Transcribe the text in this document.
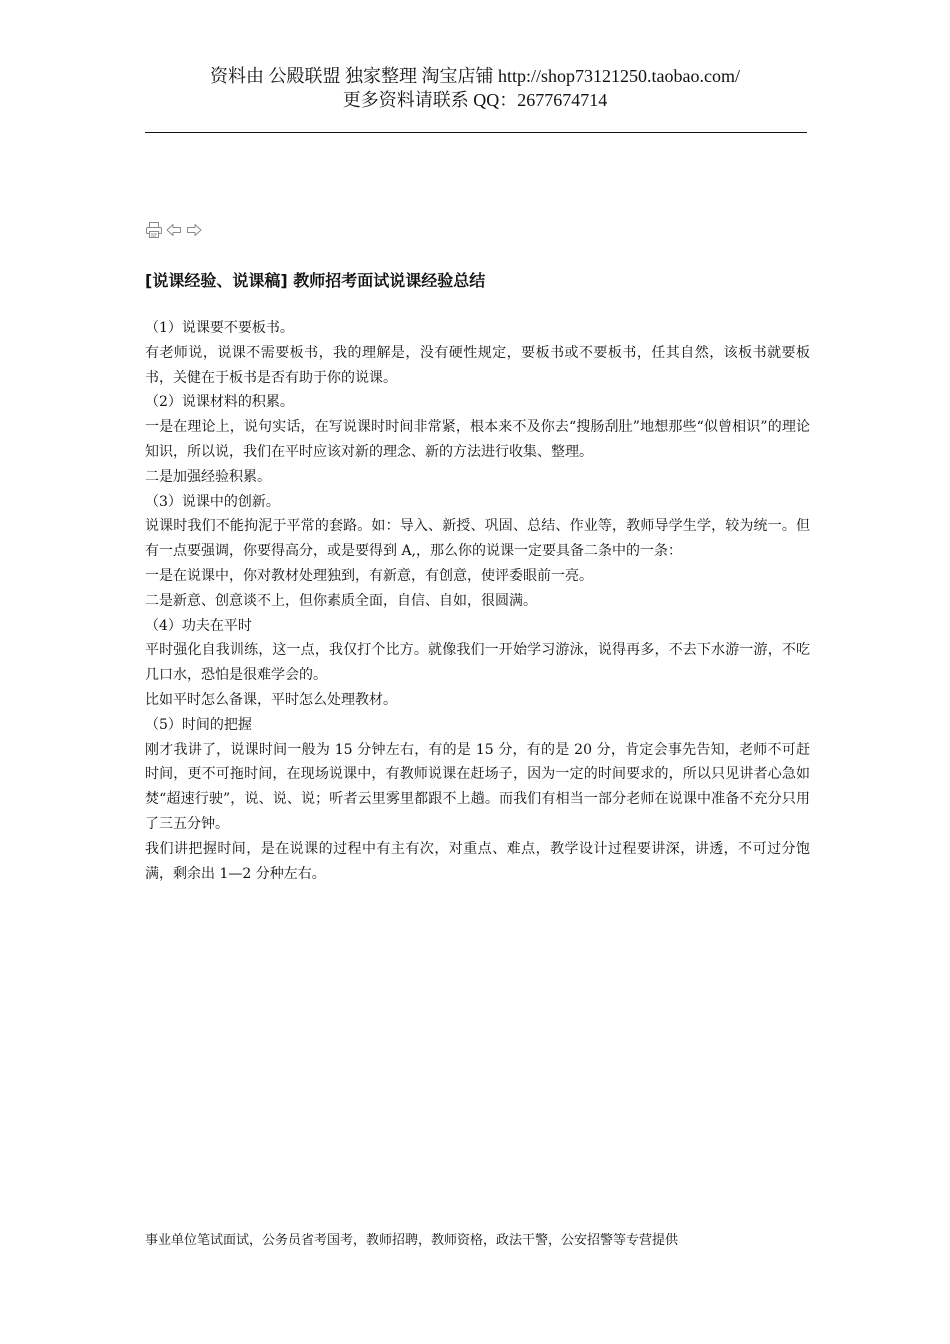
资料由 公殿联盟 独家整理 淘宝店铺 http://shop73121250.taobao.com/
更多资料请联系 QQ：2677674714
[说课经验、说课稿] 教师招考面试说课经验总结

（1）说课要不要板书。

有老师说，说课不需要板书，我的理解是，没有硬性规定，要板书或不要板书，任其自然，该板书就要板书，关健在于板书是否有助于你的说课。

（2）说课材料的积累。

一是在理论上，说句实话，在写说课时时间非常紧，根本来不及你去“搜肠刮肚”地想那些“似曾相识”的理论知识，所以说，我们在平时应该对新的理念、新的方法进行收集、整理。

二是加强经验积累。

（3）说课中的创新。

说课时我们不能拘泥于平常的套路。如：导入、新授、巩固、总结、作业等，教师导学生学，较为统一。但有一点要强调，你要得高分，或是要得到 A,，那么你的说课一定要具备二条中的一条：

一是在说课中，你对教材处理独到，有新意，有创意，使评委眼前一亮。

二是新意、创意谈不上，但你素质全面，自信、自如，很圆满。

（4）功夫在平时

平时强化自我训练，这一点，我仅打个比方。就像我们一开始学习游泳，说得再多，不去下水游一游，不吃几口水，恐怕是很难学会的。

比如平时怎么备课，平时怎么处理教材。

（5）时间的把握

刚才我讲了，说课时间一般为 15 分钟左右，有的是 15 分，有的是 20 分，肯定会事先告知，老师不可赶时间，更不可拖时间，在现场说课中，有教师说课在赶场子，因为一定的时间要求的，所以只见讲者心急如焚“超速行驶”，说、说、说；听者云里雾里都跟不上趟。而我们有相当一部分老师在说课中准备不充分只用了三五分钟。

我们讲把握时间，是在说课的过程中有主有次，对重点、难点，教学设计过程要讲深，讲透，不可过分饱满，剩余出 1—2 分种左右。

事业单位笔试面试，公务员省考国考，教师招聘，教师资格，政法干警，公安招警等专营提供
